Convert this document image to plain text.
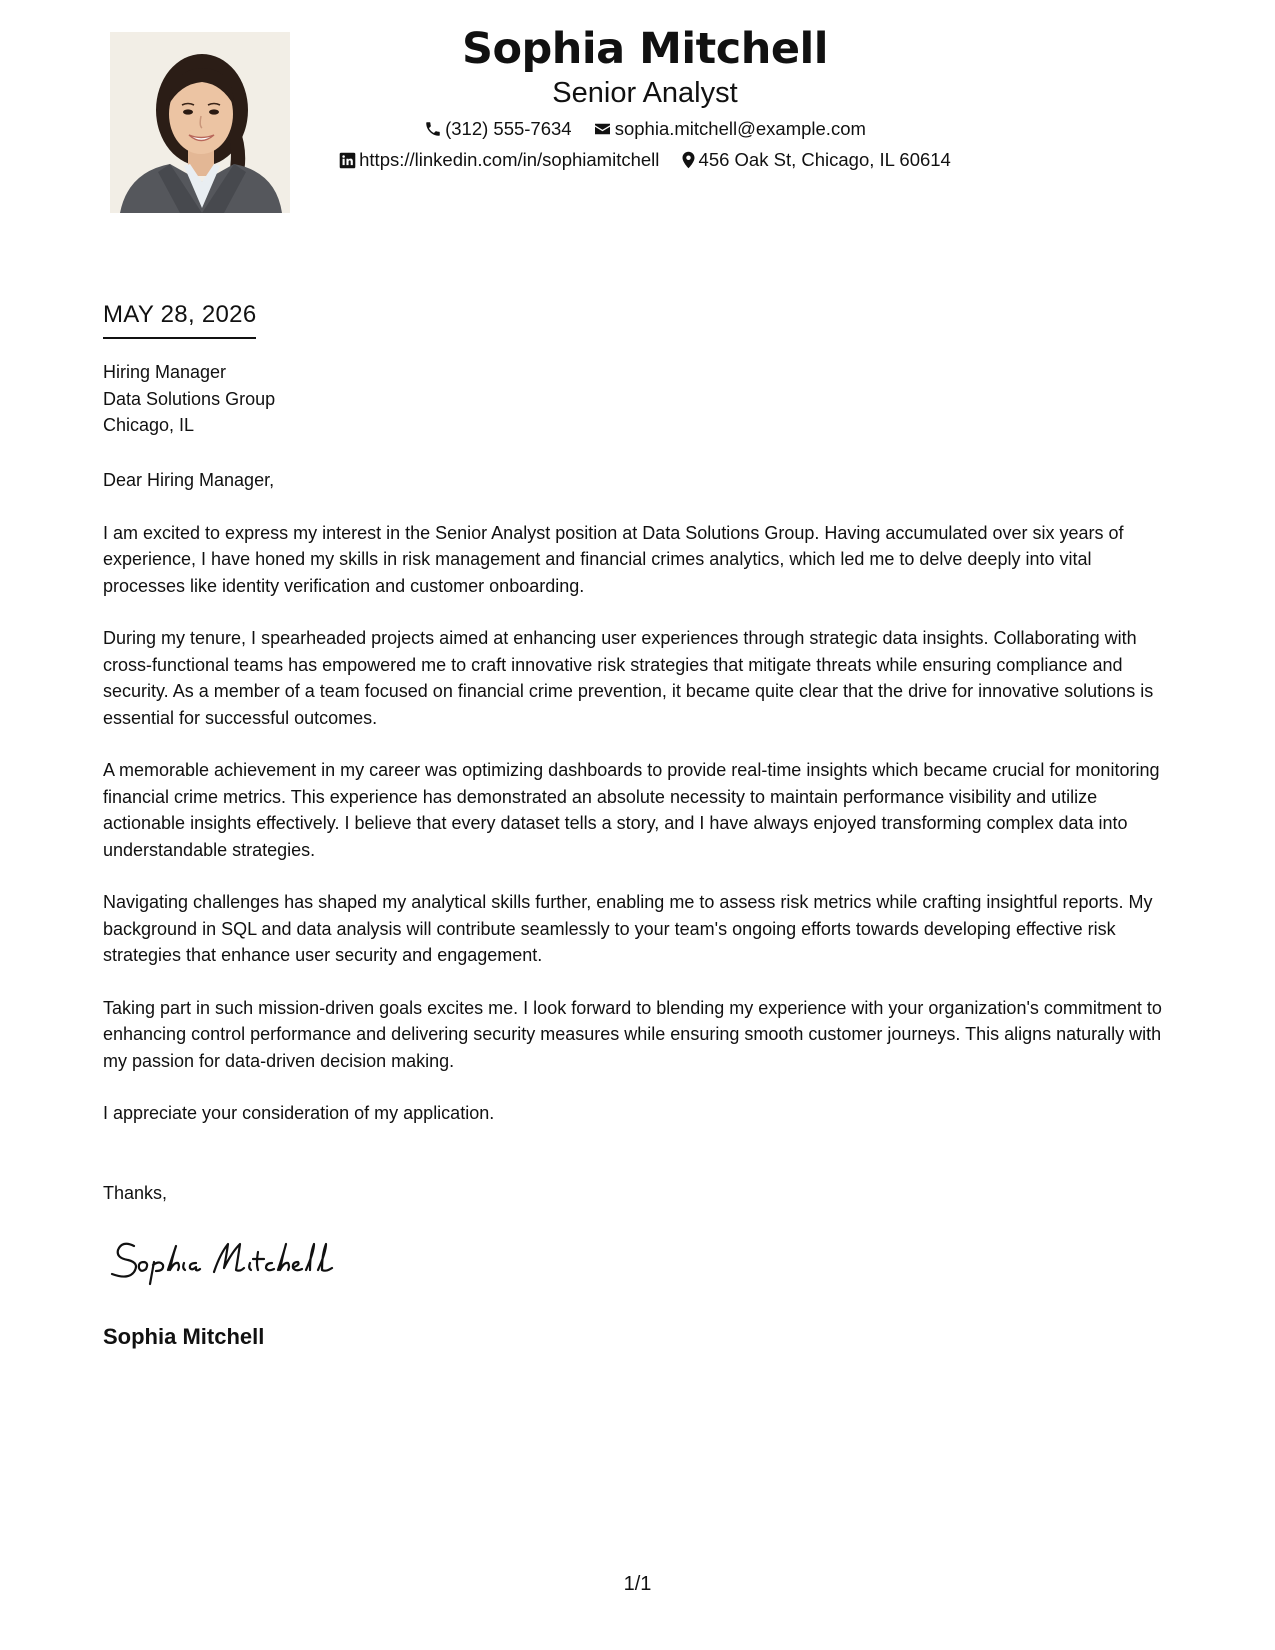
Sophia Mitchell
Senior Analyst
(312) 555-7634 sophia.mitchell@example.com
https://linkedin.com/in/sophiamitchell 456 Oak St, Chicago, IL 60614
MAY 28, 2026
Hiring Manager
Data Solutions Group
Chicago, IL

Dear Hiring Manager,

I am excited to express my interest in the Senior Analyst position at Data Solutions Group. Having accumulated over six years of experience, I have honed my skills in risk management and financial crimes analytics, which led me to delve deeply into vital processes like identity verification and customer onboarding.

During my tenure, I spearheaded projects aimed at enhancing user experiences through strategic data insights. Collaborating with cross-functional teams has empowered me to craft innovative risk strategies that mitigate threats while ensuring compliance and security. As a member of a team focused on financial crime prevention, it became quite clear that the drive for innovative solutions is essential for successful outcomes.

A memorable achievement in my career was optimizing dashboards to provide real-time insights which became crucial for monitoring financial crime metrics. This experience has demonstrated an absolute necessity to maintain performance visibility and utilize actionable insights effectively. I believe that every dataset tells a story, and I have always enjoyed transforming complex data into understandable strategies.

Navigating challenges has shaped my analytical skills further, enabling me to assess risk metrics while crafting insightful reports. My background in SQL and data analysis will contribute seamlessly to your team's ongoing efforts towards developing effective risk strategies that enhance user security and engagement.

Taking part in such mission-driven goals excites me. I look forward to blending my experience with your organization's commitment to enhancing control performance and delivering security measures while ensuring smooth customer journeys. This aligns naturally with my passion for data-driven decision making.

I appreciate your consideration of my application.

Thanks,
Sophia Mitchell
1/1
